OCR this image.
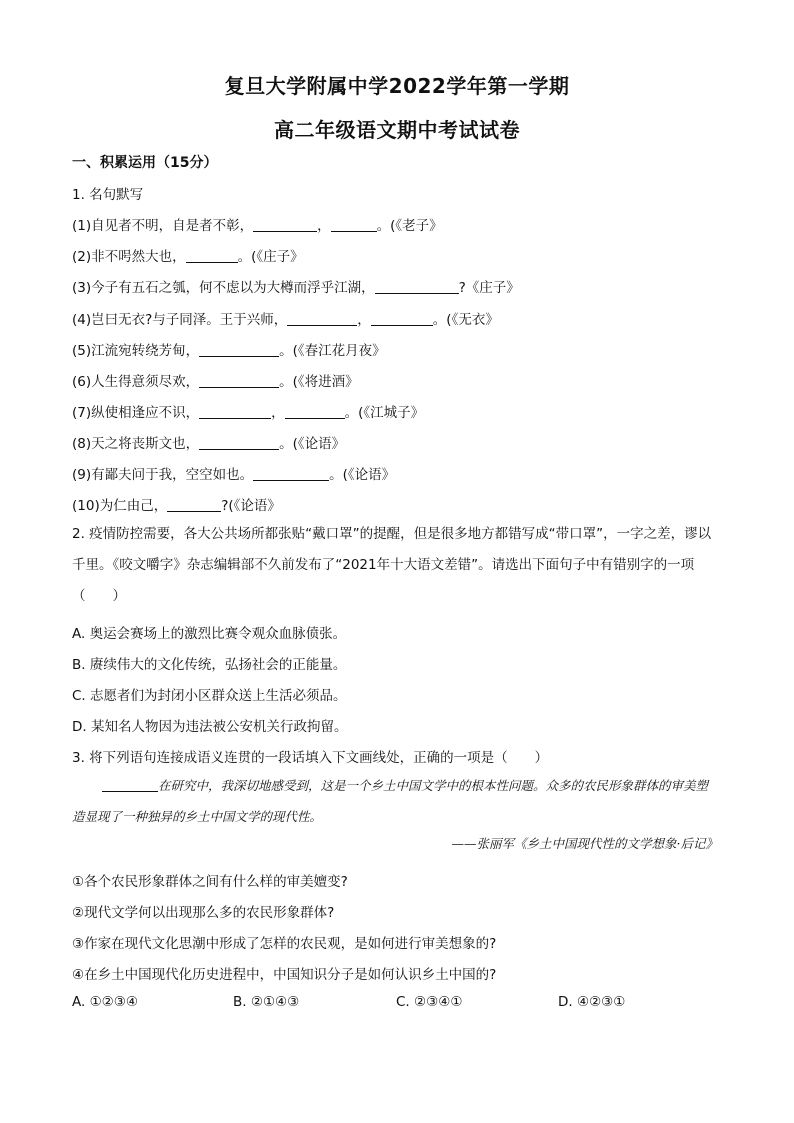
复旦大学附属中学2022学年第一学期
高二年级语文期中考试试卷
一、积累运用（15分）
1. 名句默写
(1)自见者不明，自是者不彰，	，	。(《老子》
(2)非不呺然大也，	。(《庄子》
(3)今子有五石之瓠，何不虑以为大樽而浮乎江湖，	?《庄子》
(4)岂曰无衣?与子同泽。王于兴师，	，	。(《无衣》
(5)江流宛转绕芳甸，	。(《春江花月夜》
(6)人生得意须尽欢，	。(《将进酒》
(7)纵使相逢应不识，	，	。(《江城子》
(8)天之将丧斯文也，	。(《论语》
(9)有鄙夫问于我，空空如也。	。(《论语》
(10)为仁由己，	?(《论语》
2. 疫情防控需要，各大公共场所都张贴“戴口罩”的提醒，但是很多地方都错写成“带口罩”，一字之差，谬以千里。《咬文嚼字》杂志编辑部不久前发布了“2021年十大语文差错”。请选出下面句子中有错别字的一项（　　）
A. 奥运会赛场上的激烈比赛令观众血脉偾张。
B. 赓续伟大的文化传统，弘扬社会的正能量。
C. 志愿者们为封闭小区群众送上生活必须品。
D. 某知名人物因为违法被公安机关行政拘留。
3. 将下列语句连接成语义连贯的一段话填入下文画线处，正确的一项是（　　）
在研究中，我深切地感受到，这是一个乡土中国文学中的根本性问题。众多的农民形象群体的审美塑造显现了一种独异的乡土中国文学的现代性。
——张丽军《乡土中国现代性的文学想象·后记》
①各个农民形象群体之间有什么样的审美嬗变?
②现代文学何以出现那么多的农民形象群体?
③作家在现代文化思潮中形成了怎样的农民观，是如何进行审美想象的?
④在乡土中国现代化历史进程中，中国知识分子是如何认识乡土中国的?
A. ①②③④	B. ②①④③	C. ②③④①	D. ④②③①
